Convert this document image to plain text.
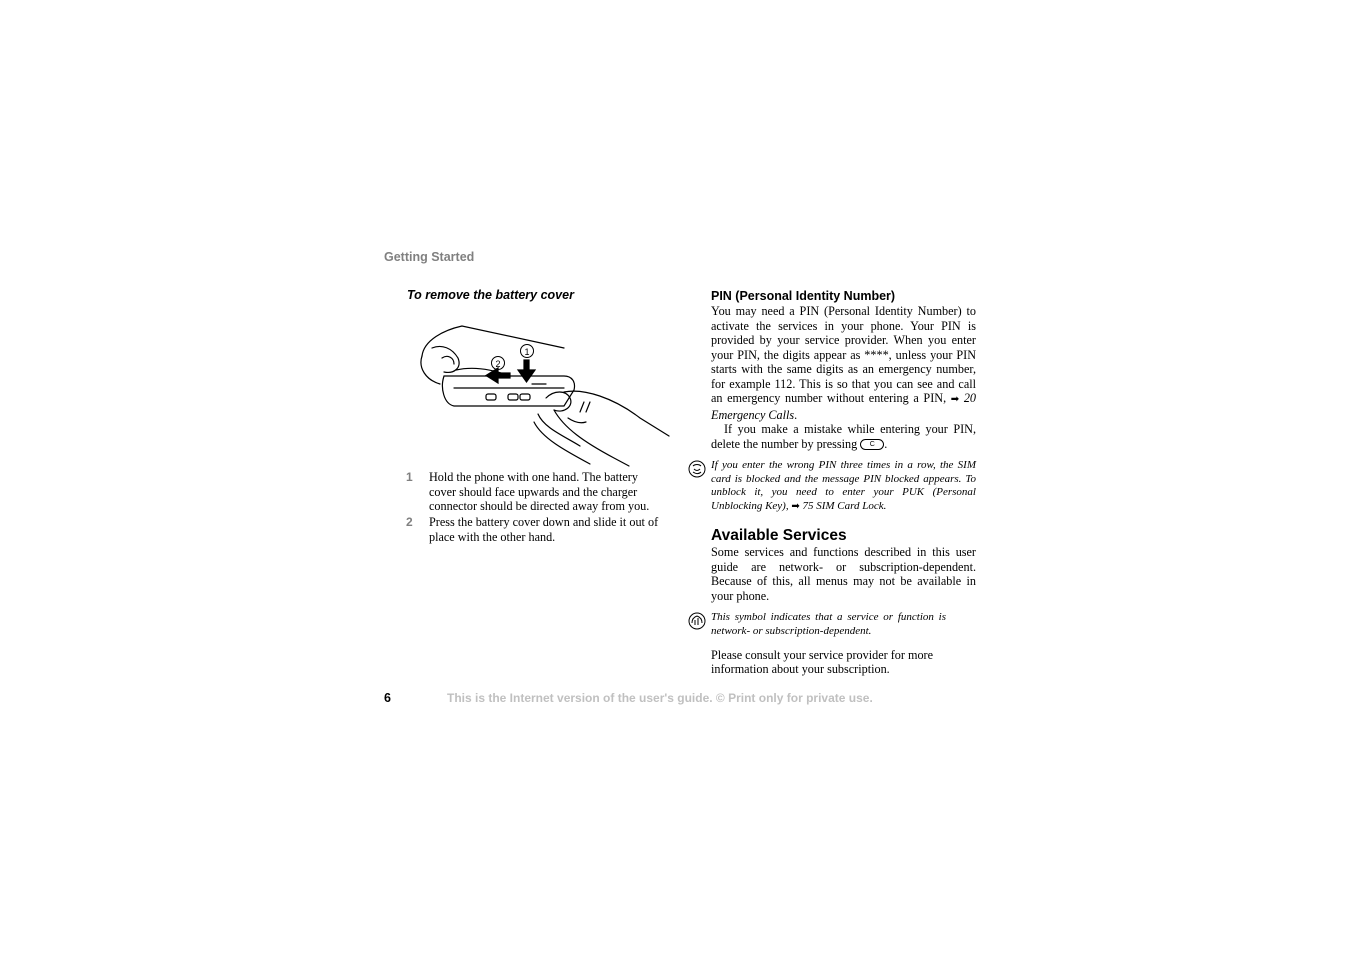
Getting Started
To remove the battery cover
1
2
1 Hold the phone with one hand. The battery cover should face upwards and the charger connector should be directed away from you.
2 Press the battery cover down and slide it out of place with the other hand.
PIN (Personal Identity Number)
You may need a PIN (Personal Identity Number) to activate the services in your phone. Your PIN is provided by your service provider. When you enter your PIN, the digits appear as ****, unless your PIN starts with the same digits as an emergency number, for example 112. This is so that you can see and call an emergency number without entering a PIN, ➡ 20 Emergency Calls.
If you make a mistake while entering your PIN, delete the number by pressing C .
If you enter the wrong PIN three times in a row, the SIM card is blocked and the message PIN blocked appears. To unblock it, you need to enter your PUK (Personal Unblocking Key), ➡ 75 SIM Card Lock.
Available Services
Some services and functions described in this user guide are network- or subscription-dependent. Because of this, all menus may not be available in your phone.
This symbol indicates that a service or function is network- or subscription-dependent.
Please consult your service provider for more information about your subscription.
6	This is the Internet version of the user's guide. © Print only for private use.
